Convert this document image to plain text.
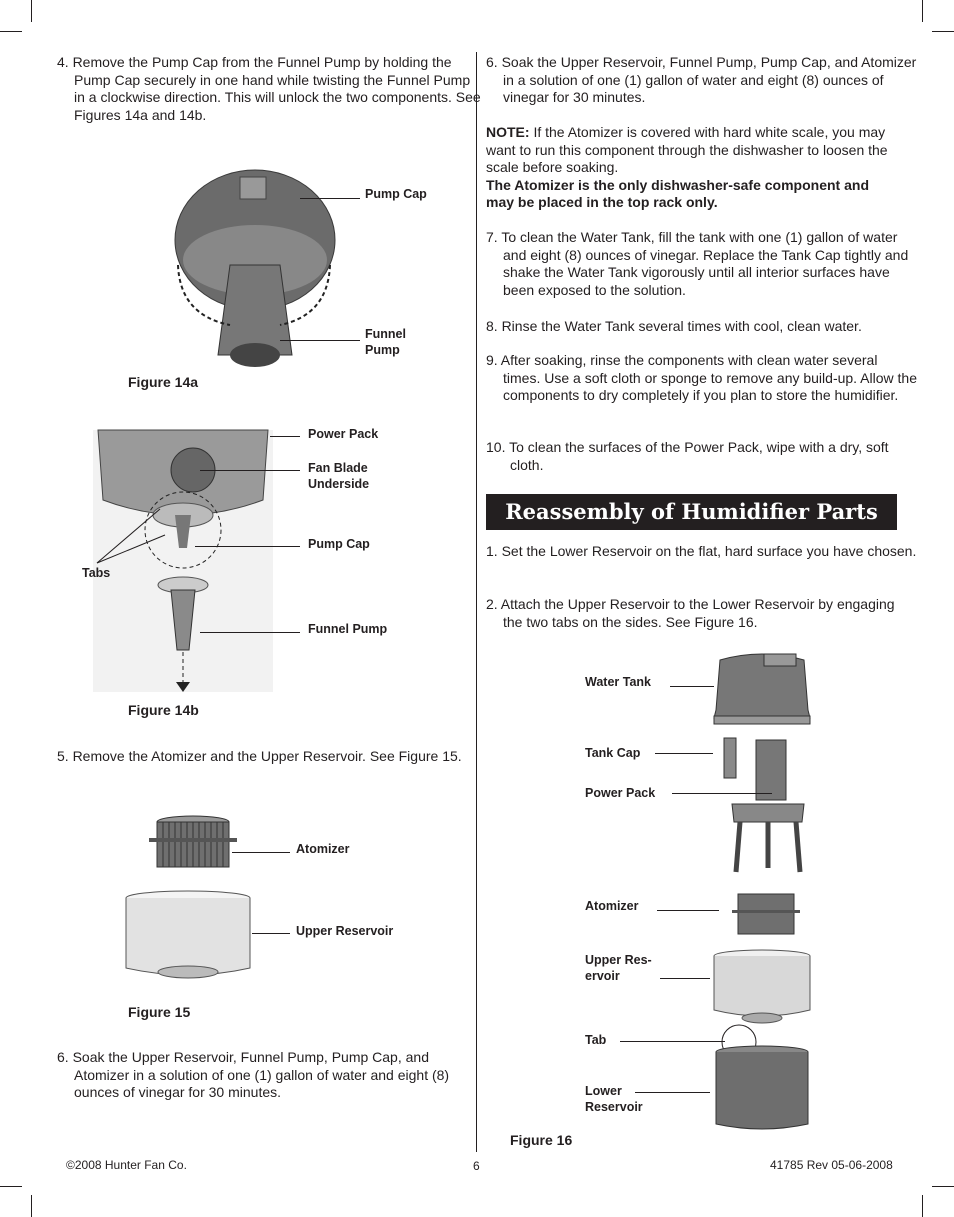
4. Remove the Pump Cap from the Funnel Pump by holding the Pump Cap securely in one hand while twisting the Funnel Pump in a clockwise direction. This will unlock the two components. See Figures 14a and 14b.
Pump Cap
Funnel
Pump
Figure 14a
Power Pack
Fan Blade
Underside
Pump Cap
Tabs
Funnel Pump
Figure 14b
5. Remove the Atomizer and the Upper Reservoir. See Figure 15.
Atomizer
Upper Reservoir
Figure 15
6. Soak the Upper Reservoir, Funnel Pump, Pump Cap, and Atomizer in a solution of one (1) gallon of water and eight (8) ounces of vinegar for 30 minutes.
6. Soak the Upper Reservoir, Funnel Pump, Pump Cap, and Atomizer in a solution of one (1) gallon of water and eight (8) ounces of vinegar for 30 minutes.
NOTE: If the Atomizer is covered with hard white scale, you may want to run this component through the dishwasher to loosen the scale before soaking.
The Atomizer is the only dishwasher-safe component and may be placed in the top rack only.
7. To clean the Water Tank, fill the tank with one (1) gallon of water and eight (8) ounces of vinegar. Replace the Tank Cap tightly and shake the Water Tank vigorously until all interior surfaces have been exposed to the solution.
8. Rinse the Water Tank several times with cool, clean water.
9. After soaking, rinse the components with clean water several times. Use a soft cloth or sponge to remove any build-up. Allow the components to dry completely if you plan to store the humidifier.
10. To clean the surfaces of the Power Pack, wipe with a dry, soft cloth.
Reassembly of Humidifier Parts
1. Set the Lower Reservoir on the flat, hard surface you have chosen.
2. Attach the Upper Reservoir to the Lower Reservoir by engaging the two tabs on the sides. See Figure 16.
Water Tank
Tank Cap
Power Pack
Atomizer
Upper Res-
ervoir
Tab
Lower
Reservoir
Figure 16
©2008 Hunter Fan Co.	6	41785 Rev 05-06-2008
